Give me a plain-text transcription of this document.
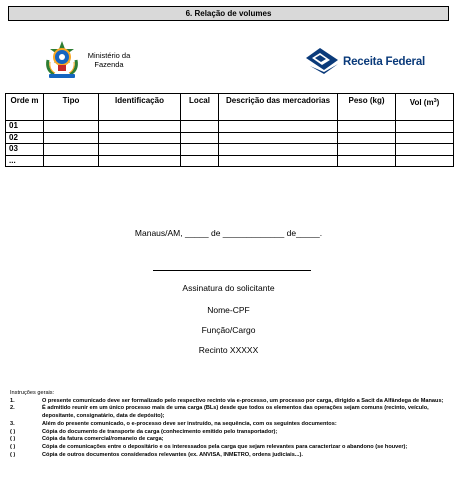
6. Relação de volumes
Ministério da
Fazenda	Receita Federal
Orde m	Tipo	Identificação	Local	Descrição das mercadorias	Peso (kg)	Vol $(m^3)$
01						
02						
03						
...						
Manaus/AM, _____ de _____________ de_____.
Assinatura do solicitante
Nome-CPF
Função/Cargo
Recinto XXXXX
Instruções gerais:
1.	O presente comunicado deve ser formalizado pelo respectivo recinto via e-processo, um processo por carga, dirigido a Sacit da Alfândega de Manaus;
2.	É admitido reunir em um único processo mais de uma carga (BLs) desde que todos os elementos das operações sejam comuns (recinto, veículo, depositante, consignatário, data de depósito);
3.	Além do presente comunicado, o e-processo deve ser instruído, na sequência, com os seguintes documentos:
( )	Cópia do documento de transporte da carga (conhecimento emitido pelo transportador);
( )	Cópia da fatura comercial/romaneio de carga;
( )	Cópia de comunicações entre o depositário e os interessados pela carga que sejam relevantes para caracterizar o abandono (se houver);
( )	Cópia de outros documentos considerados relevantes (ex. ANVISA, INMETRO, ordens judiciais...).
